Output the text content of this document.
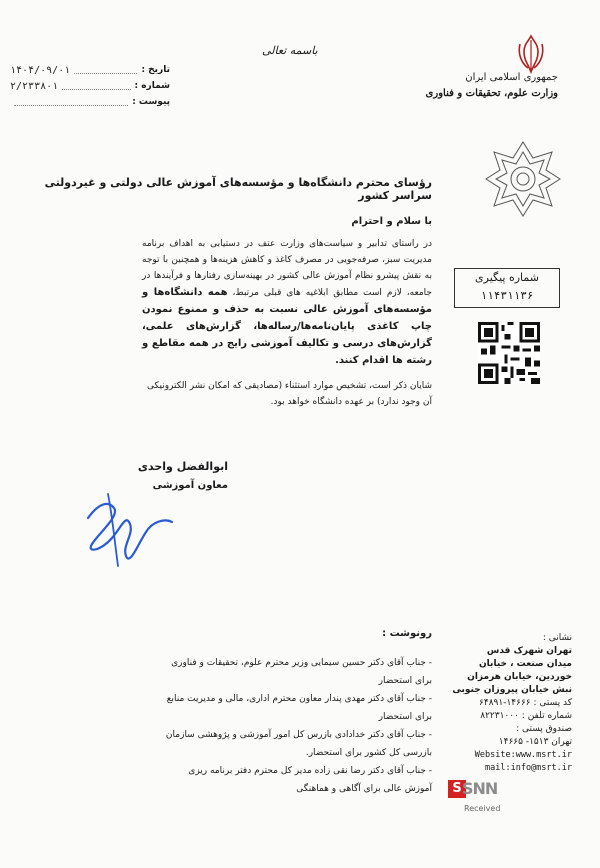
جمهوری اسلامی ایران
وزارت علوم، تحقیقات و فناوری
باسمه تعالی
۱۴۰۴/۰۹/۰۱	تاریخ :
۲/۲۳۳۸۰۱	شماره :
پیوست :
شماره پیگیری
۱۱۴۳۱۱۳۶
رؤسای محترم دانشگاه‌ها و مؤسسه‌های آموزش عالی دولتی و غیردولتی سراسر کشور
با سلام و احترام
در راستای تدابیر و سیاست‌های وزارت عتف در دستیابی به اهداف برنامه مدیریت سبز، صرفه‌جویی در مصرف کاغذ و کاهش هزینه‌ها و همچنین با توجه به نقش پیشرو نظام آموزش عالی کشور در بهینه‌سازی رفتارها و فرآیندها در جامعه، لازم است مطابق ابلاغیه های قبلی مرتبط، همه دانشگاه‌ها و مؤسسه‌های آموزش عالی نسبت به حذف و ممنوع نمودن چاپ کاغذی پایان‌نامه‌ها/رساله‌ها، گزارش‌های علمی، گزارش‌های درسی و تکالیف آموزشی رایج در همه مقاطع و رشته ها اقدام کنند.
شایان ذکر است، تشخیص موارد استثناء (مصادیقی که امکان نشر الکترونیکی آن وجود ندارد) بر عهده دانشگاه خواهد بود.
ابوالفضل واحدی
معاون آموزشی
رونوشت :
- جناب آقای دکتر حسین سیمایی وزیر محترم علوم، تحقیقات و فناوری برای استحضار
- جناب آقای دکتر مهدی پندار معاون محترم اداری، مالی و مدیریت منابع برای استحضار
- جناب آقای دکتر خدادادی بازرس کل امور آموزشی و پژوهشی سازمان بازرسی کل کشور برای استحضار.
- جناب آقای دکتر رضا نقی زاده مدیر کل محترم دفتر برنامه ریزی آموزش عالی برای آگاهی و هماهنگی
نشانی :
تهران شهرک قدس
میدان صنعت ، خیابان
خوردین، خیابان هرمزان
نبش خیابان پیروزان جنوبی
کد پستی : ۱۴۶۶۶-۶۴۸۹۱
شماره تلفن : ۸۲۲۳۱۰۰۰
صندوق پستی :
تهران ۱۵۱۳- ۱۴۶۶۵
Website:www.msrt.ir
mail:info@msrt.ir
S SNN
Received
